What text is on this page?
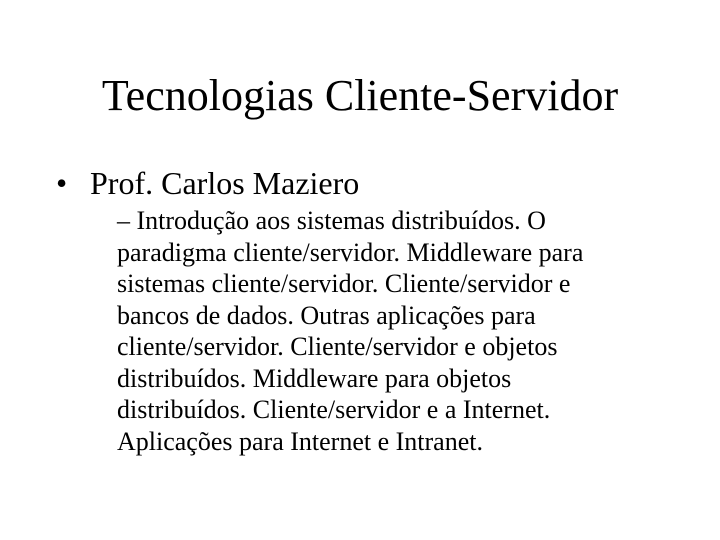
Tecnologias Cliente-Servidor

• Prof. Carlos Maziero

– Introdução aos sistemas distribuídos. O
paradigma cliente/servidor. Middleware para
sistemas cliente/servidor. Cliente/servidor e
bancos de dados. Outras aplicações para
cliente/servidor. Cliente/servidor e objetos
distribuídos. Middleware para objetos
distribuídos. Cliente/servidor e a Internet.
Aplicações para Internet e Intranet.
